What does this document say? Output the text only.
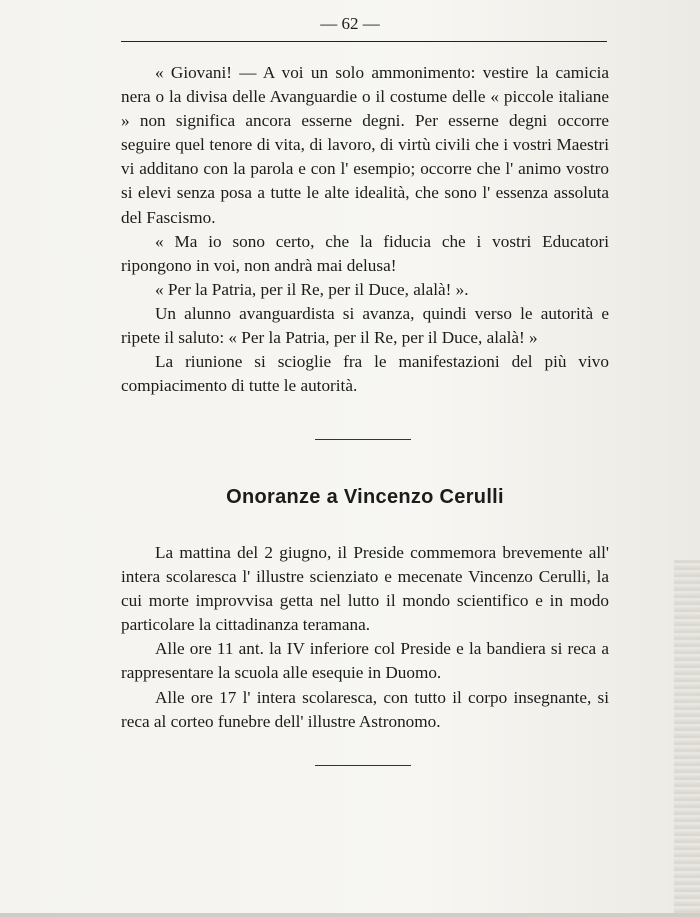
— 62 —

« Giovani! — A voi un solo ammonimento: vestire la camicia nera o la divisa delle Avanguardie o il costume delle « piccole italiane » non significa ancora esserne degni. Per esserne degni occorre seguire quel tenore di vita, di lavoro, di virtù civili che i vostri Maestri vi additano con la parola e con l' esempio; occorre che l' animo vostro si elevi senza posa a tutte le alte idealità, che sono l' essenza assoluta del Fascismo.

« Ma io sono certo, che la fiducia che i vostri Educatori ripongono in voi, non andrà mai delusa!

« Per la Patria, per il Re, per il Duce, alalà! ».

Un alunno avanguardista si avanza, quindi verso le autorità e ripete il saluto: « Per la Patria, per il Re, per il Duce, alalà! »

La riunione si scioglie fra le manifestazioni del più vivo compiacimento di tutte le autorità.

Onoranze a Vincenzo Cerulli

La mattina del 2 giugno, il Preside commemora brevemente all' intera scolaresca l' illustre scienziato e mecenate Vincenzo Cerulli, la cui morte improvvisa getta nel lutto il mondo scientifico e in modo particolare la cittadinanza teramana.

Alle ore 11 ant. la IV inferiore col Preside e la bandiera si reca a rappresentare la scuola alle esequie in Duomo.

Alle ore 17 l' intera scolaresca, con tutto il corpo insegnante, si reca al corteo funebre dell' illustre Astronomo.
